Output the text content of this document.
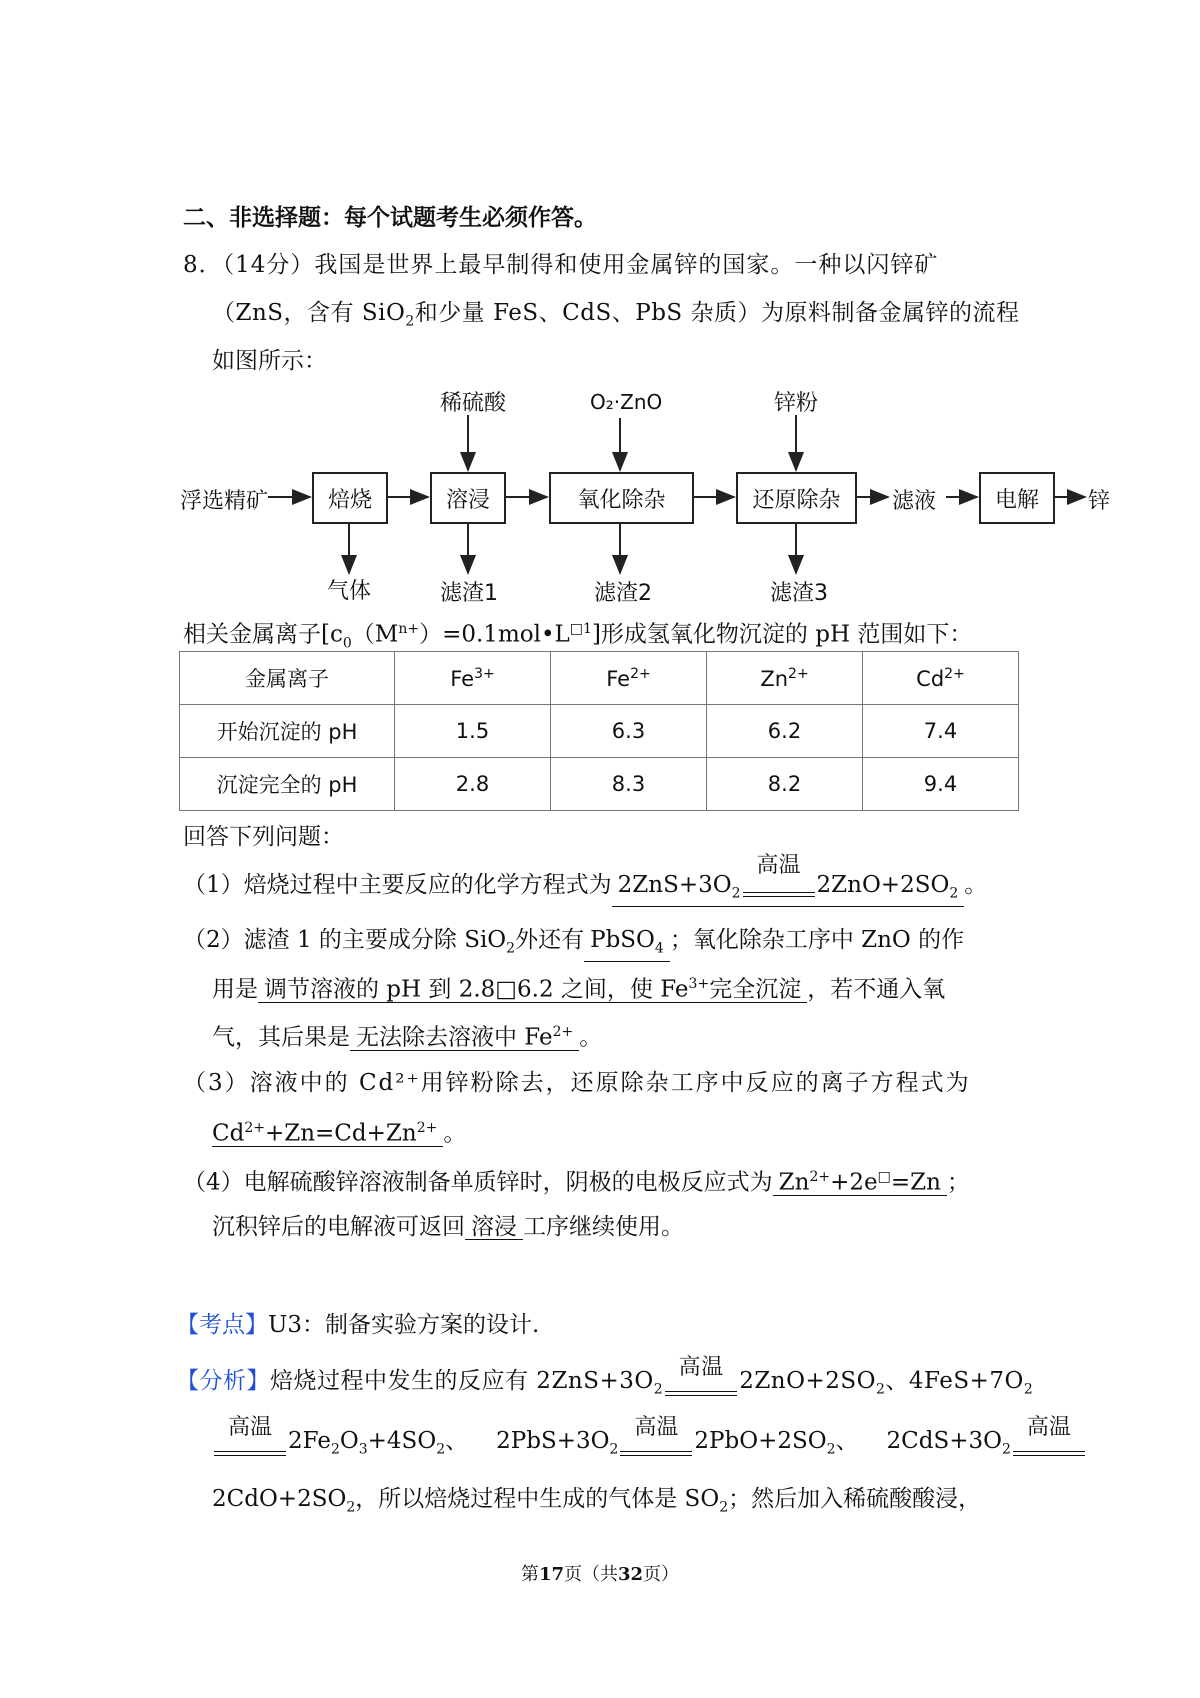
二、非选择题：每个试题考生必须作答。
8．（14分）我国是世界上最早制得和使用金属锌的国家。一种以闪锌矿
（ZnS，含有 SiO$_2$和少量 FeS、CdS、PbS 杂质）为原料制备金属锌的流程
如图所示：
浮选精矿	焙烧	溶浸	氧化除杂	还原除杂	滤液	电解	锌
稀硫酸	O₂·ZnO	锌粉
气体	滤渣1	滤渣2	滤渣3
相关金属离子$[c_0(M^{n+})=0.1mol•L^{□1}]$形成氢氧化物沉淀的 pH 范围如下：
金属离子	$Fe^{3+}$	$Fe^{2+}$	$Zn^{2+}$	$Cd^{2+}$
开始沉淀的 pH	1.5	6.3	6.2	7.4
沉淀完全的 pH	2.8	8.3	8.2	9.4
回答下列问题：
（1）焙烧过程中主要反应的化学方程式为 $2ZnS+3O_2$
高温
$2ZnO+2SO_2$ 。
（2）滤渣 1 的主要成分除 SiO$_2$外还有 PbSO$_4$ ；氧化除杂工序中 ZnO 的作
用是 调节溶液的 pH 到 2.8□6.2 之间，使 $Fe^{3+}$完全沉淀 ，若不通入氧
气，其后果是 无法除去溶液中 $Fe^{2+}$ 。
（3）溶液中的 Cd²⁺用锌粉除去，还原除杂工序中反应的离子方程式为
$Cd^{2+}+Zn=Cd+Zn^{2+}$ 。
（4）电解硫酸锌溶液制备单质锌时，阴极的电极反应式为 $Zn^{2+}+2e^□=Zn$ ；
沉积锌后的电解液可返回 溶浸 工序继续使用。
【考点】U3：制备实验方案的设计.
【分析】焙烧过程中发生的反应有 $2ZnS+3O_2$
高温
$2ZnO+2SO_2$、$4FeS+7O_2$
高温
$2Fe_2O_3+4SO_2$、 $2PbS+3O_2$
高温
$2PbO+2SO_2$、 $2CdS+3O_2$
高温
$2CdO+2SO_2$，所以焙烧过程中生成的气体是 $SO_2$；然后加入稀硫酸酸浸，
第17页（共32页）
